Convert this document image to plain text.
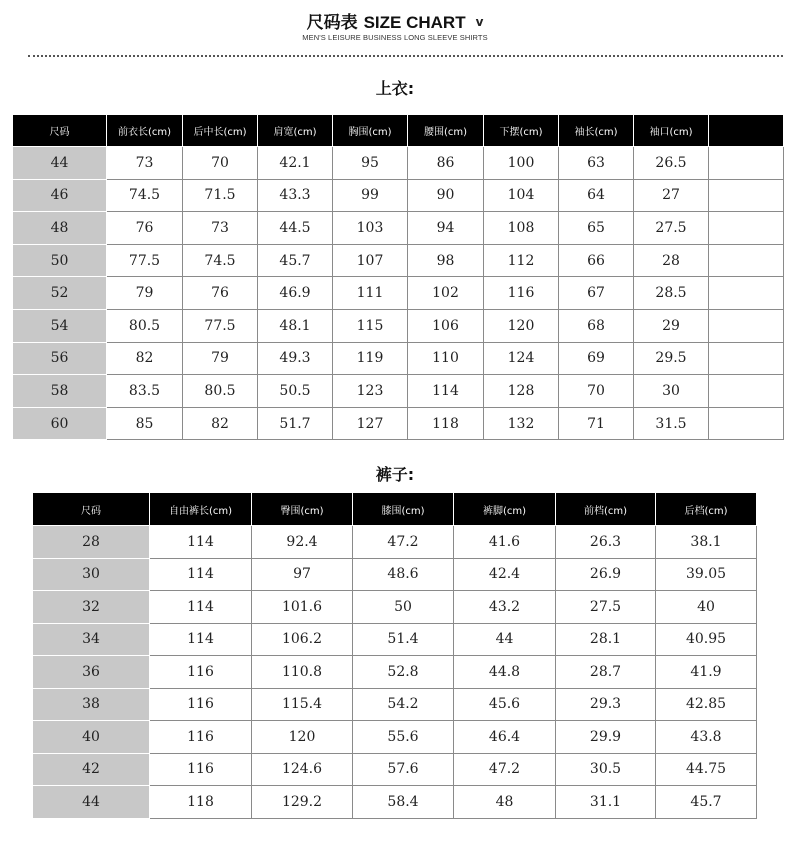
尺码表 SIZE CHART v
MEN'S LEISURE BUSINESS LONG SLEEVE SHIRTS
上衣:
尺码	前衣长(cm)	后中长(cm)	肩宽(cm)	胸围(cm)	腰围(cm)	下摆(cm)	袖长(cm)	袖口(cm)	
44	73	70	42.1	95	86	100	63	26.5	
46	74.5	71.5	43.3	99	90	104	64	27	
48	76	73	44.5	103	94	108	65	27.5	
50	77.5	74.5	45.7	107	98	112	66	28	
52	79	76	46.9	111	102	116	67	28.5	
54	80.5	77.5	48.1	115	106	120	68	29	
56	82	79	49.3	119	110	124	69	29.5	
58	83.5	80.5	50.5	123	114	128	70	30	
60	85	82	51.7	127	118	132	71	31.5	
裤子:
尺码	自由裤长(cm)	臀围(cm)	膝围(cm)	裤脚(cm)	前档(cm)	后档(cm)
28	114	92.4	47.2	41.6	26.3	38.1
30	114	97	48.6	42.4	26.9	39.05
32	114	101.6	50	43.2	27.5	40
34	114	106.2	51.4	44	28.1	40.95
36	116	110.8	52.8	44.8	28.7	41.9
38	116	115.4	54.2	45.6	29.3	42.85
40	116	120	55.6	46.4	29.9	43.8
42	116	124.6	57.6	47.2	30.5	44.75
44	118	129.2	58.4	48	31.1	45.7
